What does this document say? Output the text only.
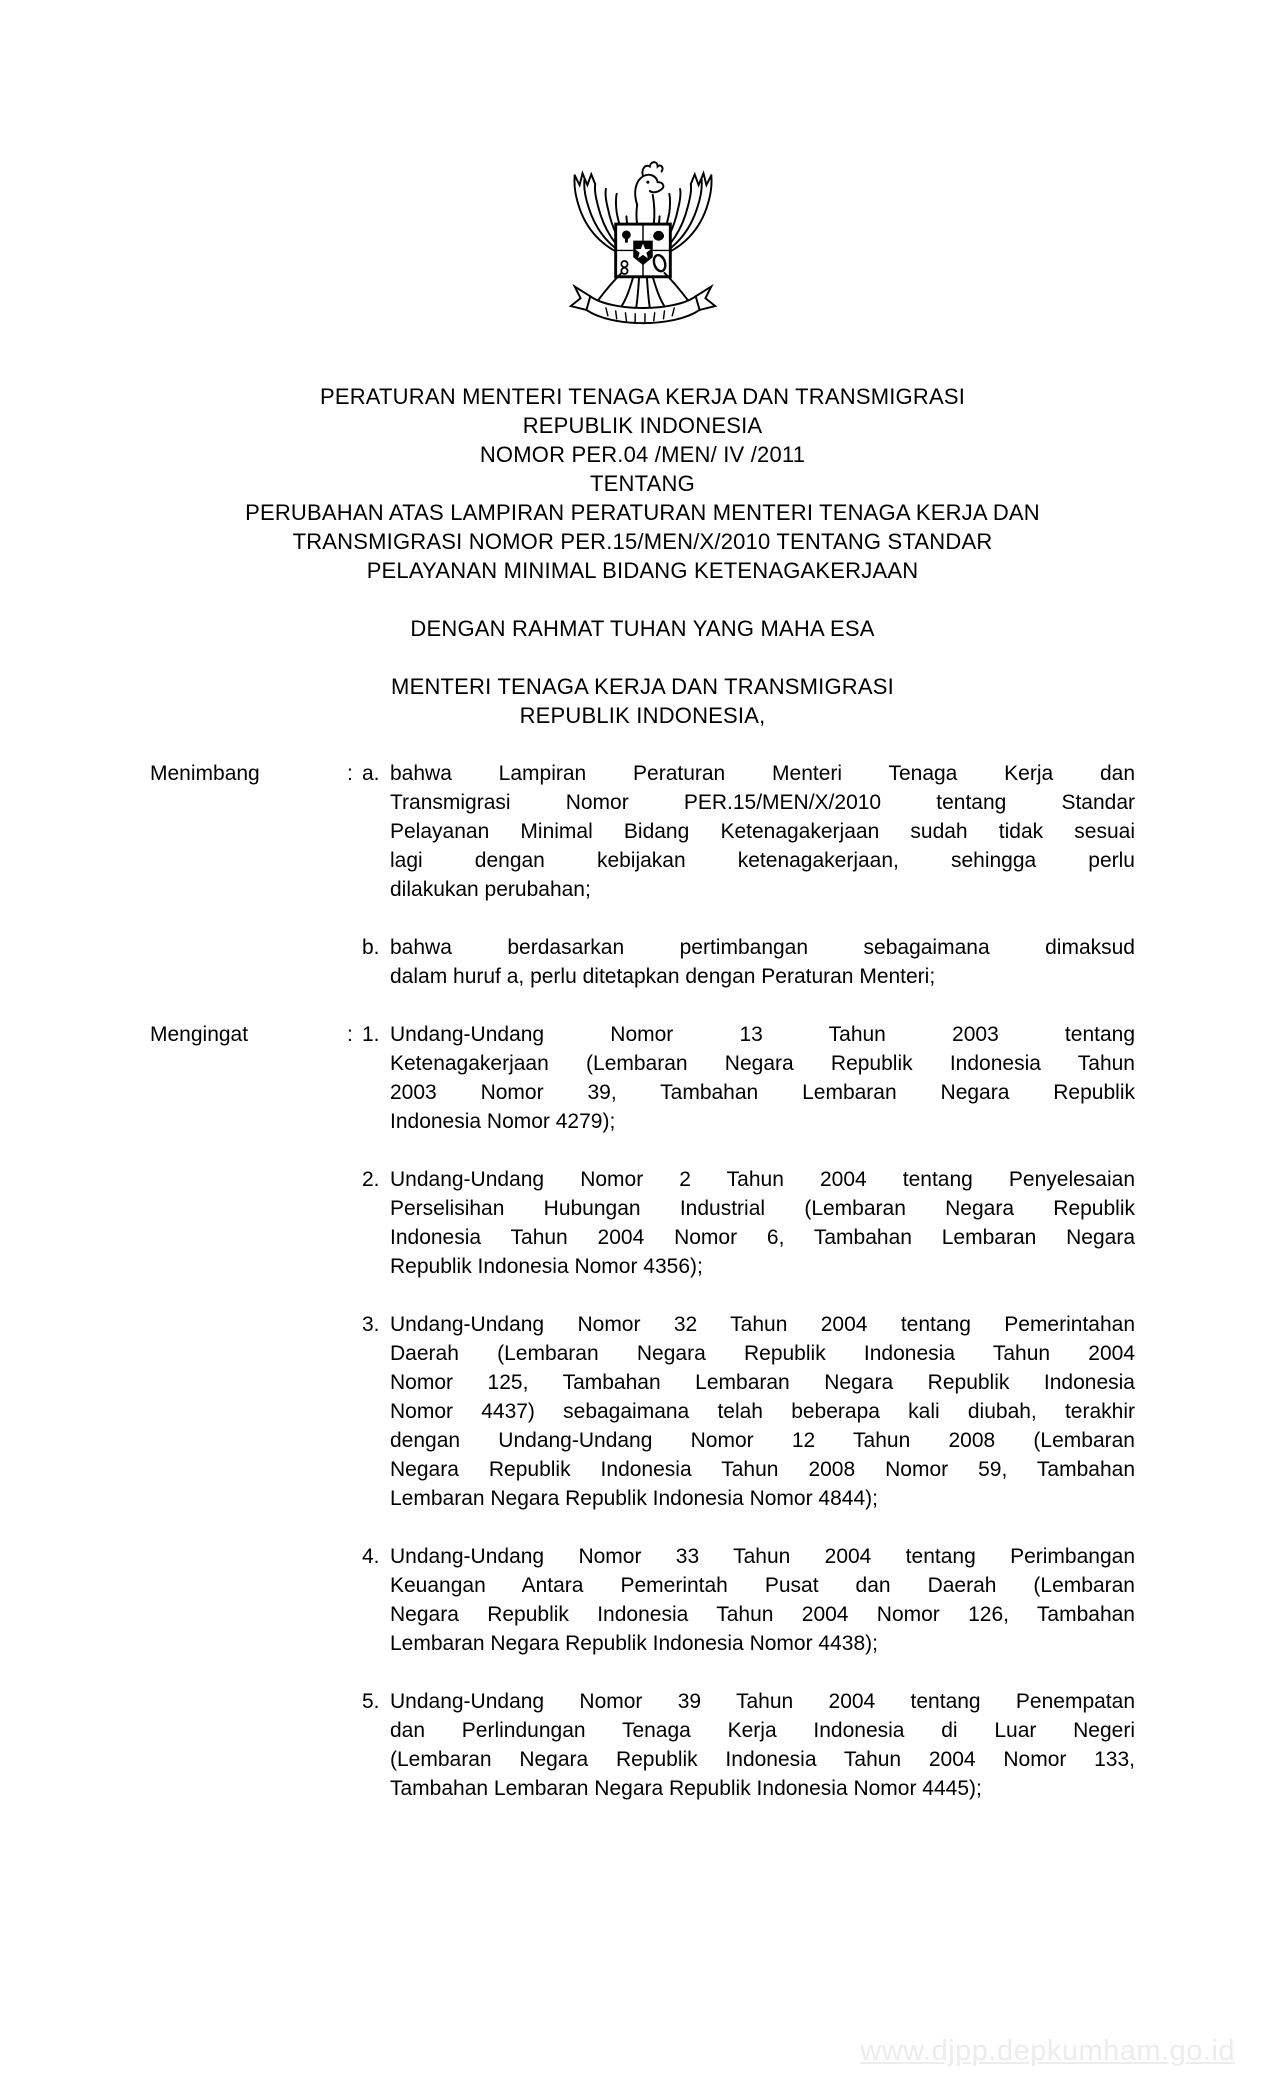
PERATURAN MENTERI TENAGA KERJA DAN TRANSMIGRASI
REPUBLIK INDONESIA
NOMOR PER.04 /MEN/ IV /2011
TENTANG
PERUBAHAN ATAS LAMPIRAN PERATURAN MENTERI TENAGA KERJA DAN
TRANSMIGRASI NOMOR PER.15/MEN/X/2010 TENTANG STANDAR
PELAYANAN MINIMAL BIDANG KETENAGAKERJAAN
DENGAN RAHMAT TUHAN YANG MAHA ESA
MENTERI TENAGA KERJA DAN TRANSMIGRASI
REPUBLIK INDONESIA,
Menimbang	: a. bahwa Lampiran Peraturan Menteri Tenaga Kerja dan
Transmigrasi Nomor PER.15/MEN/X/2010 tentang Standar
Pelayanan Minimal Bidang Ketenagakerjaan sudah tidak sesuai
lagi dengan kebijakan ketenagakerjaan, sehingga perlu
dilakukan perubahan;
b. bahwa berdasarkan pertimbangan sebagaimana dimaksud
dalam huruf a, perlu ditetapkan dengan Peraturan Menteri;
Mengingat	: 1. Undang-Undang Nomor 13 Tahun 2003 tentang
Ketenagakerjaan (Lembaran Negara Republik Indonesia Tahun
2003 Nomor 39, Tambahan Lembaran Negara Republik
Indonesia Nomor 4279);
2. Undang-Undang Nomor 2 Tahun 2004 tentang Penyelesaian
Perselisihan Hubungan Industrial (Lembaran Negara Republik
Indonesia Tahun 2004 Nomor 6, Tambahan Lembaran Negara
Republik Indonesia Nomor 4356);
3. Undang-Undang Nomor 32 Tahun 2004 tentang Pemerintahan
Daerah (Lembaran Negara Republik Indonesia Tahun 2004
Nomor 125, Tambahan Lembaran Negara Republik Indonesia
Nomor 4437) sebagaimana telah beberapa kali diubah, terakhir
dengan Undang-Undang Nomor 12 Tahun 2008 (Lembaran
Negara Republik Indonesia Tahun 2008 Nomor 59, Tambahan
Lembaran Negara Republik Indonesia Nomor 4844);
4. Undang-Undang Nomor 33 Tahun 2004 tentang Perimbangan
Keuangan Antara Pemerintah Pusat dan Daerah (Lembaran
Negara Republik Indonesia Tahun 2004 Nomor 126, Tambahan
Lembaran Negara Republik Indonesia Nomor 4438);
5. Undang-Undang Nomor 39 Tahun 2004 tentang Penempatan
dan Perlindungan Tenaga Kerja Indonesia di Luar Negeri
(Lembaran Negara Republik Indonesia Tahun 2004 Nomor 133,
Tambahan Lembaran Negara Republik Indonesia Nomor 4445);
www.djpp.depkumham.go.id
